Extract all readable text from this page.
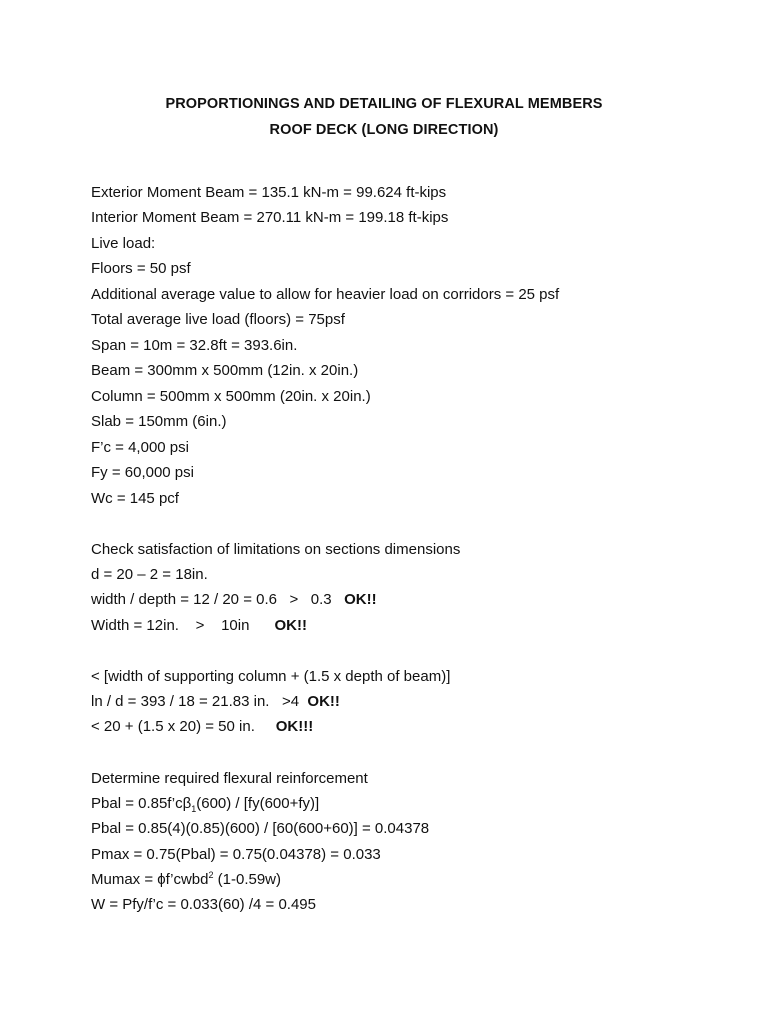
PROPORTIONINGS AND DETAILING OF FLEXURAL MEMBERS
ROOF DECK (LONG DIRECTION)
Exterior Moment Beam = 135.1 kN-m = 99.624 ft-kips
Interior Moment Beam = 270.11 kN-m = 199.18 ft-kips
Live load:
Floors = 50 psf
Additional average value to allow for heavier load on corridors = 25 psf
Total average live load (floors) = 75psf
Span = 10m = 32.8ft = 393.6in.
Beam = 300mm x 500mm (12in. x 20in.)
Column = 500mm x 500mm (20in. x 20in.)
Slab = 150mm (6in.)
F’c = 4,000 psi
Fy = 60,000 psi
Wc = 145 pcf
Check satisfaction of limitations on sections dimensions
d = 20 – 2 = 18in.
width / depth = 12 / 20 = 0.6   >   0.3 OK!!
Width = 12in.    >    10in OK!!
< [width of supporting column + (1.5 x depth of beam)]
ln / d = 393 / 18 = 21.83 in.   >4 OK!!
< 20 + (1.5 x 20) = 50 in. OK!!!
Determine required flexural reinforcement
Pbal = $0.85f’c\beta_1(600) / [fy(600+fy)]$
Pbal = 0.85(4)(0.85)(600) / [60(600+60)] = 0.04378
Pmax = 0.75(Pbal) = 0.75(0.04378) = 0.033
Mumax = ϕf’cwbd$^2$ (1-0.59w)
W = Pfy/f’c = 0.033(60) /4 = 0.495
